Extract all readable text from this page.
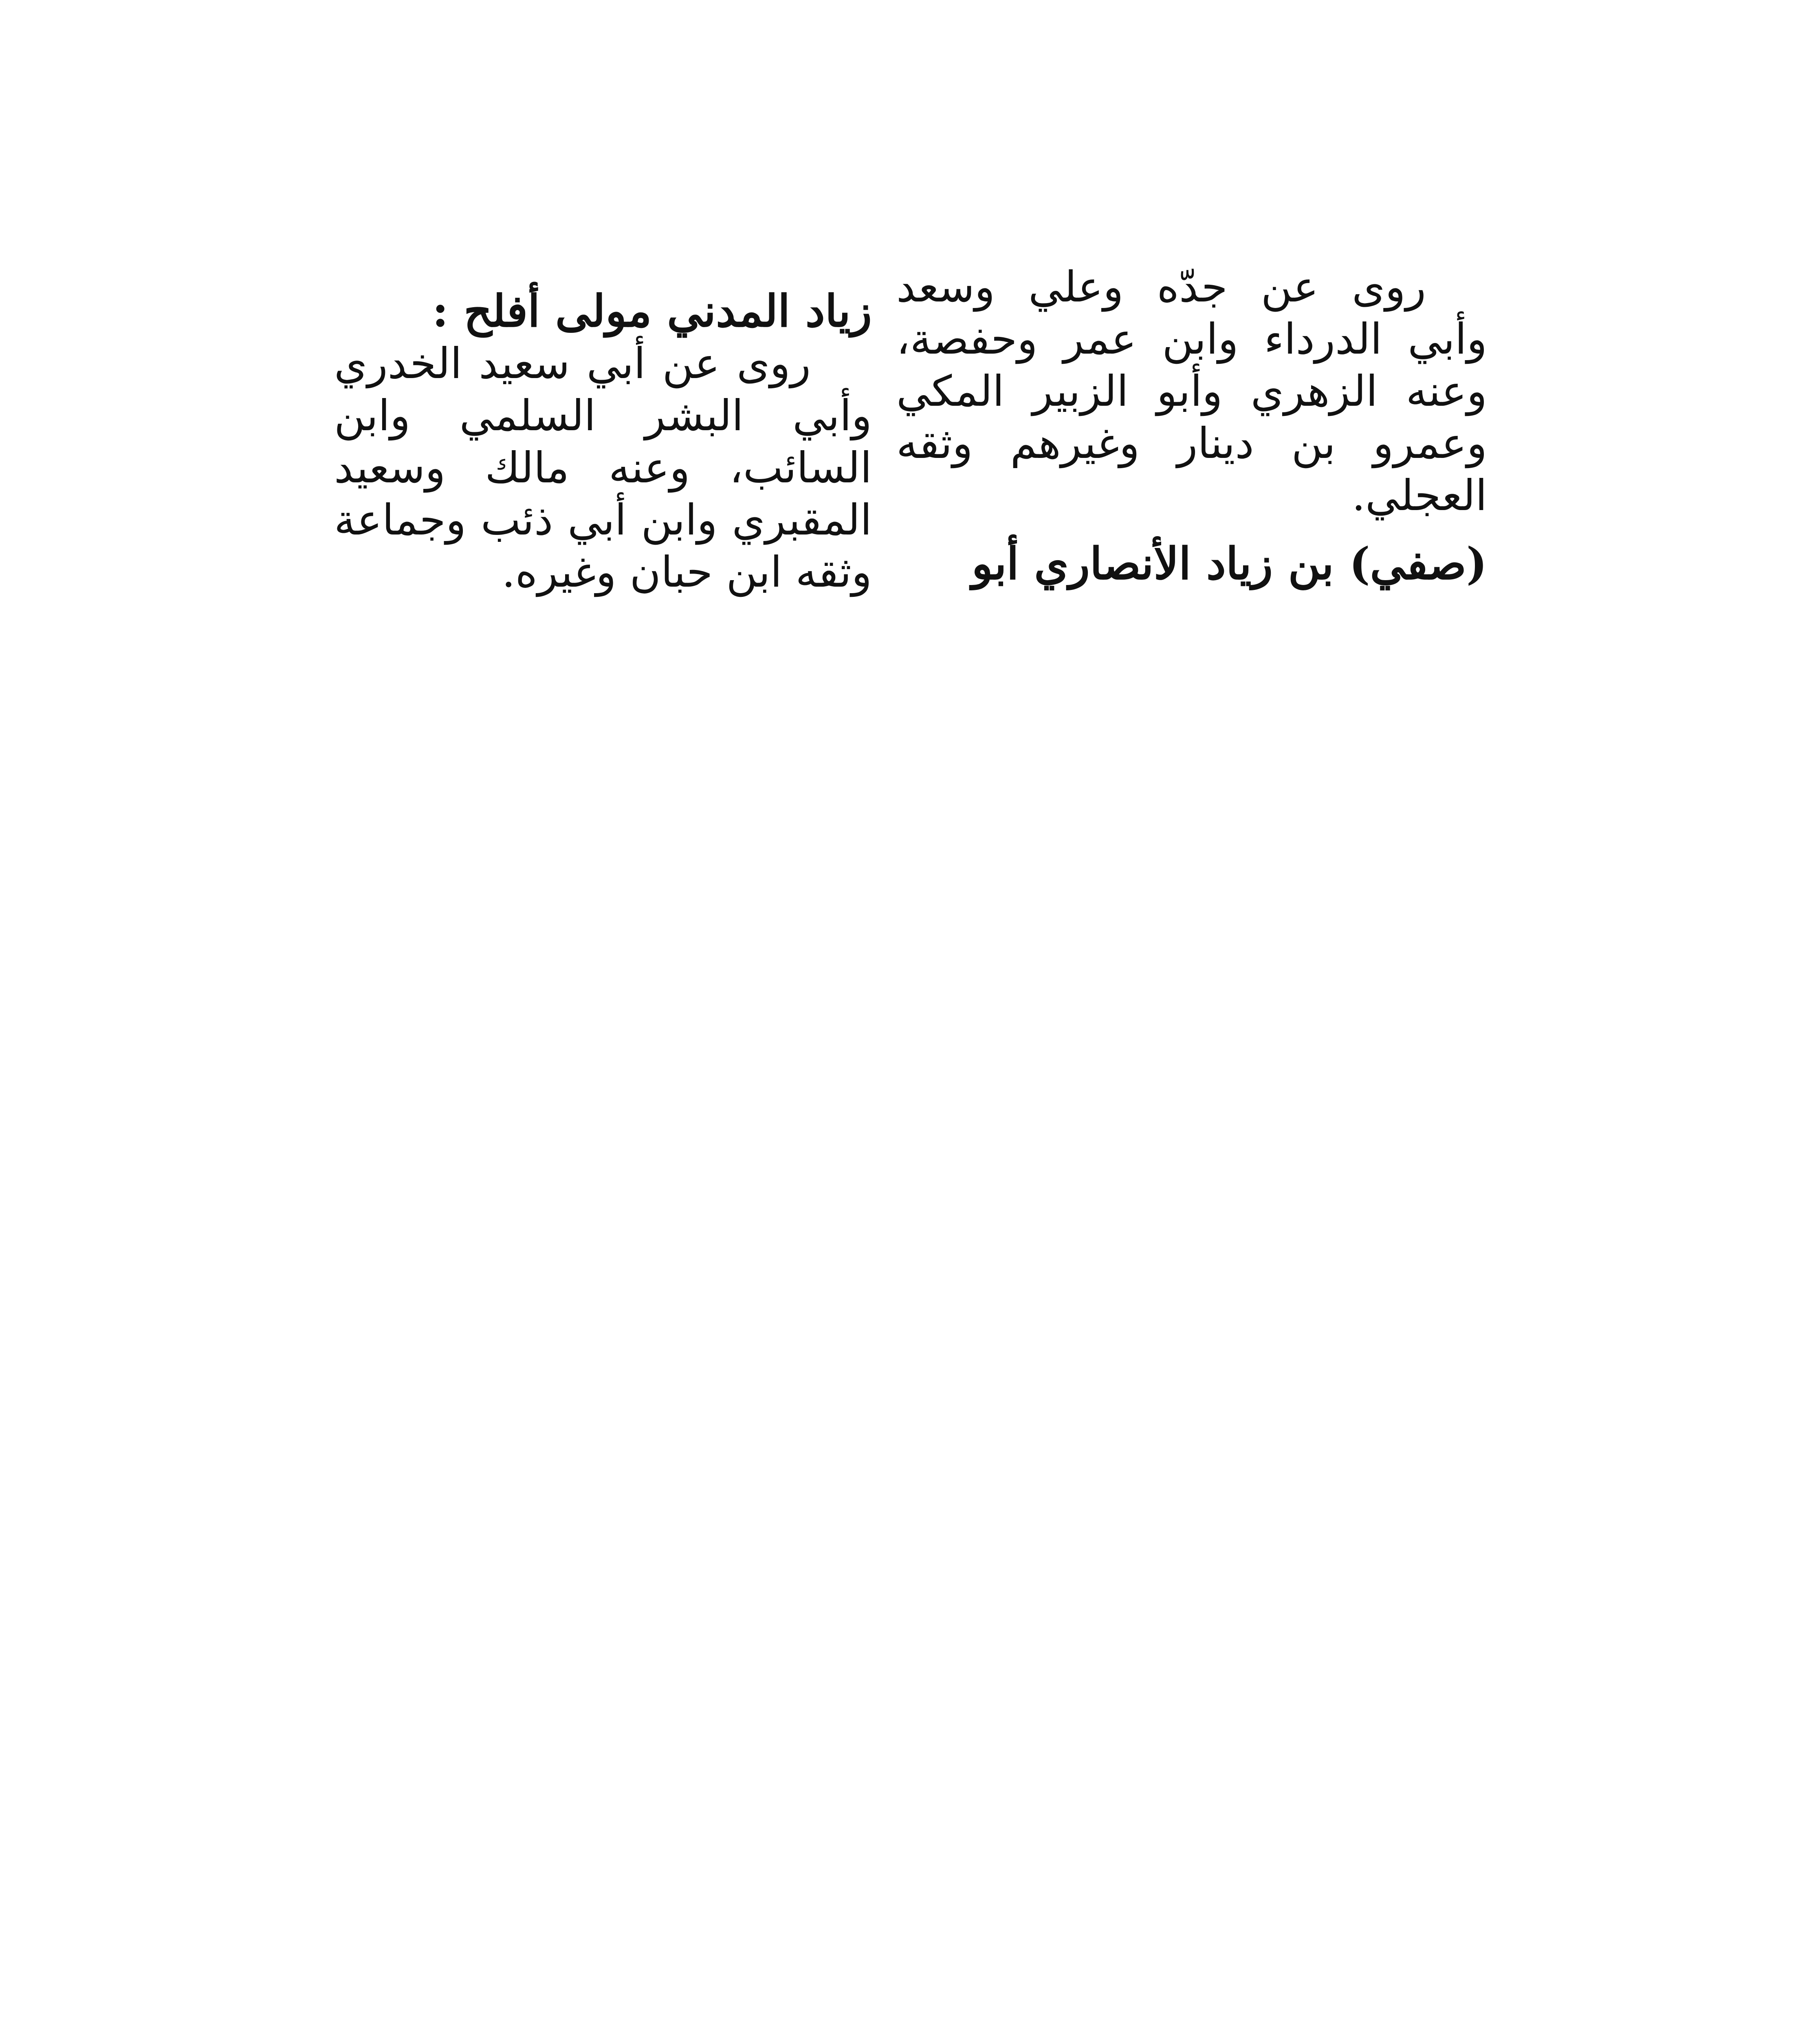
روى عن جدّه وعلي وسعد وأبي الدرداء وابن عمر وحفصة، وعنه الزهري وأبو الزبير المكي وعمرو بن دينار وغيرهم وثقه العجلي.

(صفي) بن زياد الأنصاري أبو

زياد المدني مولى أفلح :

روى عن أبي سعيد الخدري وأبي البشر السلمي وابن السائب، وعنه مالك وسعيد المقبري وابن أبي ذئب وجماعة وثقه ابن حبان وغيره.
